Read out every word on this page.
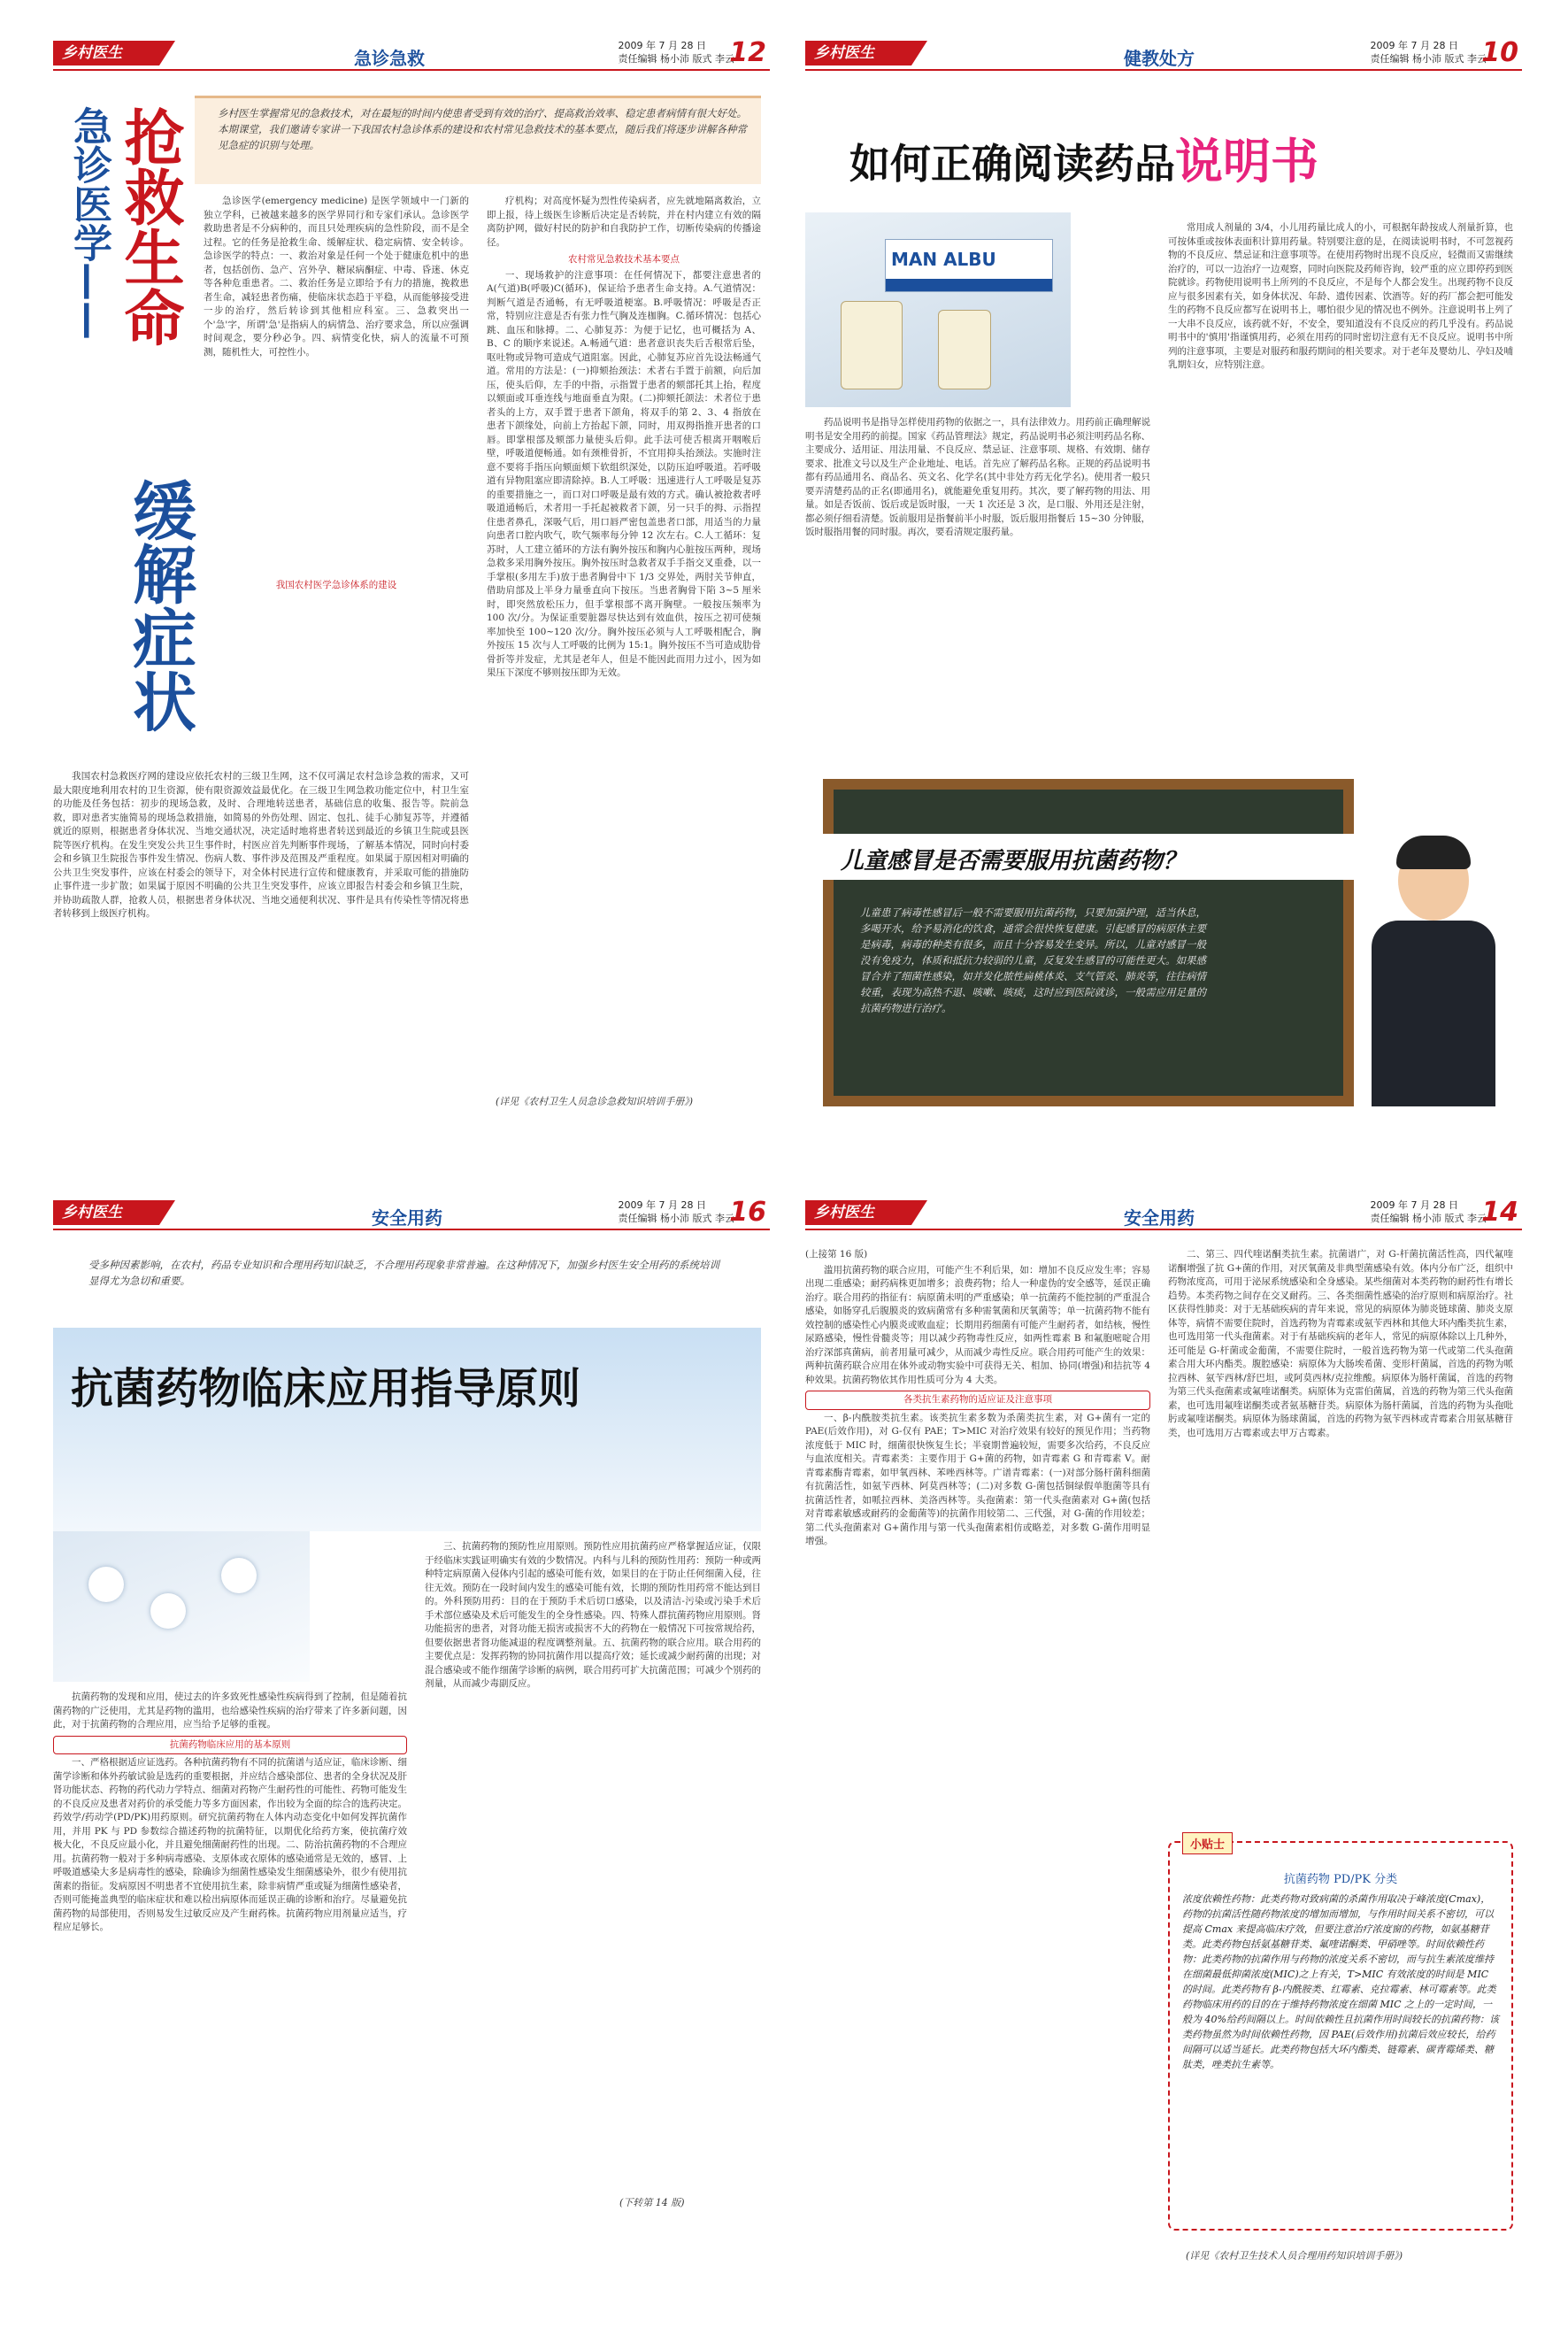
乡村医生	急诊急救
2009 年 7 月 28 日
责任编辑 杨小沛 版式 李云
12
急诊医学—— 抢救生命
缓解症状
乡村医生掌握常见的急救技术，对在最短的时间内使患者受到有效的治疗、提高救治效率、稳定患者病情有很大好处。本期课堂，我们邀请专家讲一下我国农村急诊体系的建设和农村常见急救技术的基本要点，随后我们将逐步讲解各种常见急症的识别与处理。

急诊医学(emergency medicine) 是医学领域中一门新的独立学科，已被越来越多的医学界同行和专家们承认。急诊医学救助患者是不分病种的，而且只处理疾病的急性阶段，而不是全过程。它的任务是抢救生命、缓解症状、稳定病情、安全转诊。急诊医学的特点：一、救治对象是任何一个处于健康危机中的患者，包括创伤、急产、宫外孕、糖尿病酮症、中毒、昏迷、休克等各种危重患者。二、救治任务是立即给予有力的措施，挽救患者生命，减轻患者伤痛，使临床状态趋于平稳，从而能够接受进一步的治疗，然后转诊到其他相应科室。三、急救突出一个'急'字，所谓'急'是指病人的病情急、治疗要求急，所以应强调时间观念，要分秒必争。四、病情变化快，病人的流量不可预测，随机性大，可控性小。

我国农村医学急诊体系的建设

我国农村急救医疗网的建设应依托农村的三级卫生网，这不仅可满足农村急诊急救的需求，又可最大限度地利用农村的卫生资源，使有限资源效益最优化。在三级卫生网急救功能定位中，村卫生室的功能及任务包括：初步的现场急救，及时、合理地转送患者，基础信息的收集、报告等。院前急救，即对患者实施简易的现场急救措施，如简易的外伤处理、固定、包扎、徒手心肺复苏等，并遵循就近的原则，根据患者身体状况、当地交通状况，决定适时地将患者转送到最近的乡镇卫生院或县医院等医疗机构。在发生突发公共卫生事件时，村医应首先判断事件现场，了解基本情况，同时向村委会和乡镇卫生院报告事件发生情况、伤病人数、事件涉及范围及严重程度。如果属于原因相对明确的公共卫生突发事件，应该在村委会的领导下，对全体村民进行宣传和健康教育，并采取可能的措施防止事件进一步扩散；如果属于原因不明确的公共卫生突发事件，应该立即报告村委会和乡镇卫生院，并协助疏散人群，抢救人员，根据患者身体状况、当地交通便利状况、事件是具有传染性等情况将患者转移到上级医疗机构。

疗机构；对高度怀疑为烈性传染病者，应先就地隔离救治，立即上报，待上级医生诊断后决定是否转院，并在村内建立有效的隔离防护网，做好村民的防护和自我防护工作，切断传染病的传播途径。

农村常见急救技术基本要点

一、现场救护的注意事项：在任何情况下，都要注意患者的 A(气道)B(呼吸)C(循环)，保证给予患者生命支持。A.气道情况：判断气道是否通畅，有无呼吸道梗塞。B.呼吸情况：呼吸是否正常，特别应注意是否有张力性气胸及连枷胸。C.循环情况：包括心跳、血压和脉搏。二、心肺复苏：为便于记忆，也可概括为 A、B、C 的顺序来说述。A.畅通气道：患者意识丧失后舌根常后坠，呕吐物或异物可造成气道阻塞。因此，心肺复苏应首先设法畅通气道。常用的方法是：(一)抑颏抬颈法：术者右手置于前额，向后加压，使头后仰，左手的中指，示指置于患者的颏部托其上抬，程度以颏面或耳垂连线与地面垂直为限。(二)抑颏托颌法：术者位于患者头的上方，双手置于患者下颌角，将双手的第 2、3、4 指放在患者下颌缘处，向前上方抬起下颌，同时，用双拇指推开患者的口唇。即掌根部及颏部力量使头后仰。此手法可使舌根离开咽喉后壁，呼吸道便畅通。如有颈椎骨折，不宜用抑头抬颈法。实施时注意不要将手指压向颏面颊下软组织深处，以防压迫呼吸道。若呼吸道有异物阻塞应即清除掉。B.人工呼吸：迅速进行人工呼吸是复苏的重要措施之一，而口对口呼吸是最有效的方式。确认被抢救者呼吸道通畅后，术者用一手托起被救者下颌，另一只手的拇、示指捏住患者鼻孔，深吸气后，用口唇严密包盖患者口部，用适当的力量向患者口腔内吹气，吹气频率每分钟 12 次左右。C.人工循环：复苏时，人工建立循环的方法有胸外按压和胸内心脏按压两种，现场急救多采用胸外按压。胸外按压时急救者双手手指交叉重叠，以一手掌根(多用左手)放于患者胸骨中下 1/3 交界处，两肘关节伸直，借助肩部及上半身力量垂直向下按压。当患者胸骨下陷 3~5 厘米时，即突然放松压力，但手掌根部不离开胸壁。一般按压频率为 100 次/分。为保证重要脏器尽快达到有效血供，按压之初可使频率加快至 100~120 次/分。胸外按压必须与人工呼吸相配合，胸外按压 15 次与人工呼吸的比例为 15:1。胸外按压不当可造成肋骨骨折等并发症，尤其是老年人，但是不能因此而用力过小，因为如果压下深度不够则按压即为无效。

(详见《农村卫生人员急诊急救知识培训手册》)
乡村医生	健教处方
2009 年 7 月 28 日
责任编辑 杨小沛 版式 李云
10
如何正确阅读药品说明书
MAN ALBU

药品说明书是指导怎样使用药物的依据之一，具有法律效力。用药前正确理解说明书是安全用药的前提。国家《药品管理法》规定，药品说明书必须注明药品名称、主要成分、适用证、用法用量、不良反应、禁忌证、注意事项、规格、有效期、储存要求、批准文号以及生产企业地址、电话。首先应了解药品名称。正规的药品说明书都有药品通用名、商品名、英文名、化学名(其中非处方药无化学名)。使用者一般只要弄清楚药品的正名(即通用名)，就能避免重复用药。其次，要了解药物的用法、用量。如是否饭前、饭后或是饭时服，一天 1 次还是 3 次，是口服、外用还是注射，都必须仔细看清楚。饭前服用是指餐前半小时服，饭后服用指餐后 15~30 分钟服，饭时服指用餐的同时服。再次，要看清规定服药量。

常用成人剂量的 3/4，小儿用药量比成人的小，可根据年龄按成人剂量折算，也可按体重或按体表面积计算用药量。特别要注意的是，在阅读说明书时，不可忽视药物的不良反应、禁忌证和注意事项等。在使用药物时出现不良反应，轻微而又需继续治疗的，可以一边治疗一边观察，同时向医院及药师咨询，较严重的应立即停药到医院就诊。药物使用说明书上所列的不良反应，不是每个人都会发生。出现药物不良反应与很多因素有关，如身体状况、年龄、遗传因素、饮酒等。好的药厂都会把可能发生的药物不良反应都写在说明书上，哪怕很少见的情况也不例外。注意说明书上列了一大串不良反应，该药就不好，不安全，要知道没有不良反应的药几乎没有。药品说明书中的'慎用'指谨慎用药，必须在用药的同时密切注意有无不良反应。说明书中所列的注意事项，主要是对服药和服药期间的相关要求。对于老年及婴幼儿、孕妇及哺乳期妇女，应特别注意。

儿童感冒是否需要服用抗菌药物？
儿童患了病毒性感冒后一般不需要服用抗菌药物，只要加强护理，适当休息，多喝开水，给予易消化的饮食，通常会很快恢复健康。引起感冒的病原体主要是病毒，病毒的种类有很多，而且十分容易发生变异。所以，儿童对感冒一般没有免疫力，体质和抵抗力较弱的儿童，反复发生感冒的可能性更大。如果感冒合并了细菌性感染，如并发化脓性扁桃体炎、支气管炎、肺炎等，往往病情较重，表现为高热不退、咳嗽、咳痰，这时应到医院就诊，一般需应用足量的抗菌药物进行治疗。
乡村医生	安全用药
2009 年 7 月 28 日
责任编辑 杨小沛 版式 李云
16
受多种因素影响，在农村，药品专业知识和合理用药知识缺乏，不合理用药现象非常普遍。在这种情况下，加强乡村医生安全用药的系统培训显得尤为急切和重要。
抗菌药物临床应用指导原则

抗菌药物的发现和应用，使过去的许多致死性感染性疾病得到了控制，但是随着抗菌药物的广泛使用，尤其是药物的滥用，也给感染性疾病的治疗带来了许多新问题，因此，对于抗菌药物的合理应用，应当给予足够的重视。

抗菌药物临床应用的基本原则

一、严格根据适应证选药。各种抗菌药物有不同的抗菌谱与适应证，临床诊断、细菌学诊断和体外药敏试验是选药的重要根据，并应结合感染部位、患者的全身状况及肝肾功能状态、药物的药代动力学特点、细菌对药物产生耐药性的可能性、药物可能发生的不良反应及患者对药价的承受能力等多方面因素，作出较为全面的综合的选药决定。药效学/药动学(PD/PK)用药原则。研究抗菌药物在人体内动态变化中如何发挥抗菌作用，并用 PK 与 PD 参数综合描述药物的抗菌特征，以期优化给药方案，使抗菌疗效极大化，不良反应最小化，并且避免细菌耐药性的出现。二、防治抗菌药物的不合理应用。抗菌药物一般对于多种病毒感染、支原体或衣原体的感染通常是无效的，感冒、上呼吸道感染大多是病毒性的感染，除确诊为细菌性感染发生细菌感染外，很少有使用抗菌素的指征。发病原因不明患者不宜使用抗生素，除非病情严重或疑为细菌性感染者，否则可能掩盖典型的临床症状和难以检出病原体而延误正确的诊断和治疗。尽量避免抗菌药物的局部使用，否则易发生过敏反应及产生耐药株。抗菌药物应用剂量应适当，疗程应足够长。

三、抗菌药物的预防性应用原则。预防性应用抗菌药应严格掌握适应证，仅限于经临床实践证明确实有效的少数情况。内科与儿科的预防性用药：预防一种或两种特定病原菌入侵体内引起的感染可能有效，如果目的在于防止任何细菌入侵，往往无效。预防在一段时间内发生的感染可能有效，长期的预防性用药常不能达到目的。外科预防用药：目的在于预防手术后切口感染，以及清洁-污染或污染手术后手术部位感染及术后可能发生的全身性感染。四、特殊人群抗菌药物应用原则。肾功能损害的患者，对肾功能无损害或损害不大的药物在一般情况下可按常规给药，但要依据患者肾功能减退的程度调整剂量。五、抗菌药物的联合应用。联合用药的主要优点是：发挥药物的协同抗菌作用以提高疗效；延长或减少耐药菌的出现；对混合感染或不能作细菌学诊断的病例，联合用药可扩大抗菌范围；可减少个别药的剂量，从而减少毒副反应。

(下转第 14 版)
乡村医生	安全用药
2009 年 7 月 28 日
责任编辑 杨小沛 版式 李云
14

(上接第 16 版)

滥用抗菌药物的联合应用，可能产生不利后果，如：增加不良反应发生率；容易出现二重感染；耐药病株更加增多；浪费药物；给人一种虚伪的安全感等，延误正确治疗。联合用药的指征有：病原菌未明的严重感染；单一抗菌药不能控制的严重混合感染，如肠穿孔后腹膜炎的致病菌常有多种需氧菌和厌氧菌等；单一抗菌药物不能有效控制的感染性心内膜炎或败血症；长期用药细菌有可能产生耐药者，如结核，慢性尿路感染，慢性骨髓炎等；用以减少药物毒性反应，如两性霉素 B 和氟胞嘧啶合用治疗深部真菌病，前者用量可减少，从而减少毒性反应。联合用药可能产生的效果：两种抗菌药联合应用在体外或动物实验中可获得无关、相加、协同(增强)和拮抗等 4 种效果。抗菌药物依其作用性质可分为 4 大类。

各类抗生素药物的适应证及注意事项

一、β-内酰胺类抗生素。该类抗生素多数为杀菌类抗生素，对 G+菌有一定的 PAE(后效作用)，对 G-仅有 PAE；T>MIC 对治疗效果有较好的预见作用；当药物浓度低于 MIC 时，细菌很快恢复生长；半衰期普遍较短，需要多次给药，不良反应与血浓度相关。青霉素类：主要作用于 G+菌的药物，如青霉素 G 和青霉素 V。耐青霉素酶青霉素，如甲氧西林、苯唑西林等。广谱青霉素：(一)对部分肠杆菌科细菌有抗菌活性，如氨苄西林、阿莫西林等；(二)对多数 G-菌包括铜绿假单胞菌等具有抗菌活性者，如哌拉西林、美洛西林等。头孢菌素：第一代头孢菌素对 G+菌(包括对青霉素敏感或耐药的金葡菌等)的抗菌作用较第二、三代强，对 G-菌的作用较差；第二代头孢菌素对 G+菌作用与第一代头孢菌素相仿或略差，对多数 G-菌作用明显增强。

二、第三、四代喹诺酮类抗生素。抗菌谱广，对 G-杆菌抗菌活性高，四代氟喹诺酮增强了抗 G+菌的作用，对厌氧菌及非典型菌感染有效。体内分布广泛，组织中药物浓度高，可用于泌尿系统感染和全身感染。某些细菌对本类药物的耐药性有增长趋势。本类药物之间存在交叉耐药。三、各类细菌性感染的治疗原则和病原治疗。社区获得性肺炎：对于无基础疾病的青年来说，常见的病原体为肺炎链球菌、肺炎支原体等，病情不需要住院时，首选药物为青霉素或氨苄西林和其他大环内酯类抗生素，也可选用第一代头孢菌素。对于有基础疾病的老年人，常见的病原体除以上几种外，还可能是 G-杆菌或金葡菌，不需要住院时，一般首选药物为第一代或第二代头孢菌素合用大环内酯类。腹腔感染：病原体为大肠埃希菌、变形杆菌属，首选的药物为哌拉西林、氨苄西林/舒巴坦，或阿莫西林/克拉维酸。病原体为肠杆菌属，首选的药物为第三代头孢菌素或氟喹诺酮类。病原体为克雷伯菌属，首选的药物为第三代头孢菌素，也可选用氟喹诺酮类或者氨基糖苷类。病原体为肠杆菌属，首选的药物为头孢吡肟或氟喹诺酮类。病原体为肠球菌属，首选的药物为氨苄西林或青霉素合用氨基糖苷类，也可选用万古霉素或去甲万古霉素。

小贴士
抗菌药物 PD/PK 分类
浓度依赖性药物：此类药物对致病菌的杀菌作用取决于峰浓度(Cmax)，药物的抗菌活性随药物浓度的增加而增加，与作用时间关系不密切，可以提高 Cmax 来提高临床疗效，但要注意治疗浓度窗的药物，如氨基糖苷类。此类药物包括氨基糖苷类、氟喹诺酮类、甲硝唑等。时间依赖性药物：此类药物的抗菌作用与药物的浓度关系不密切，而与抗生素浓度维持在细菌最低抑菌浓度(MIC)之上有关，T>MIC 有效浓度的时间是 MIC 的时间。此类药物有 β-内酰胺类、红霉素、克拉霉素、林可霉素等。此类药物临床用药的目的在于维持药物浓度在细菌 MIC 之上的一定时间，一般为 40%给药间隔以上。时间依赖性且抗菌作用时间较长的抗菌药物：该类药物虽然为时间依赖性药物，因 PAE(后效作用)抗菌后效应较长，给药间隔可以适当延长。此类药物包括大环内酯类、链霉素、碳青霉烯类、糖肽类，唑类抗生素等。
(详见《农村卫生技术人员合理用药知识培训手册》)
